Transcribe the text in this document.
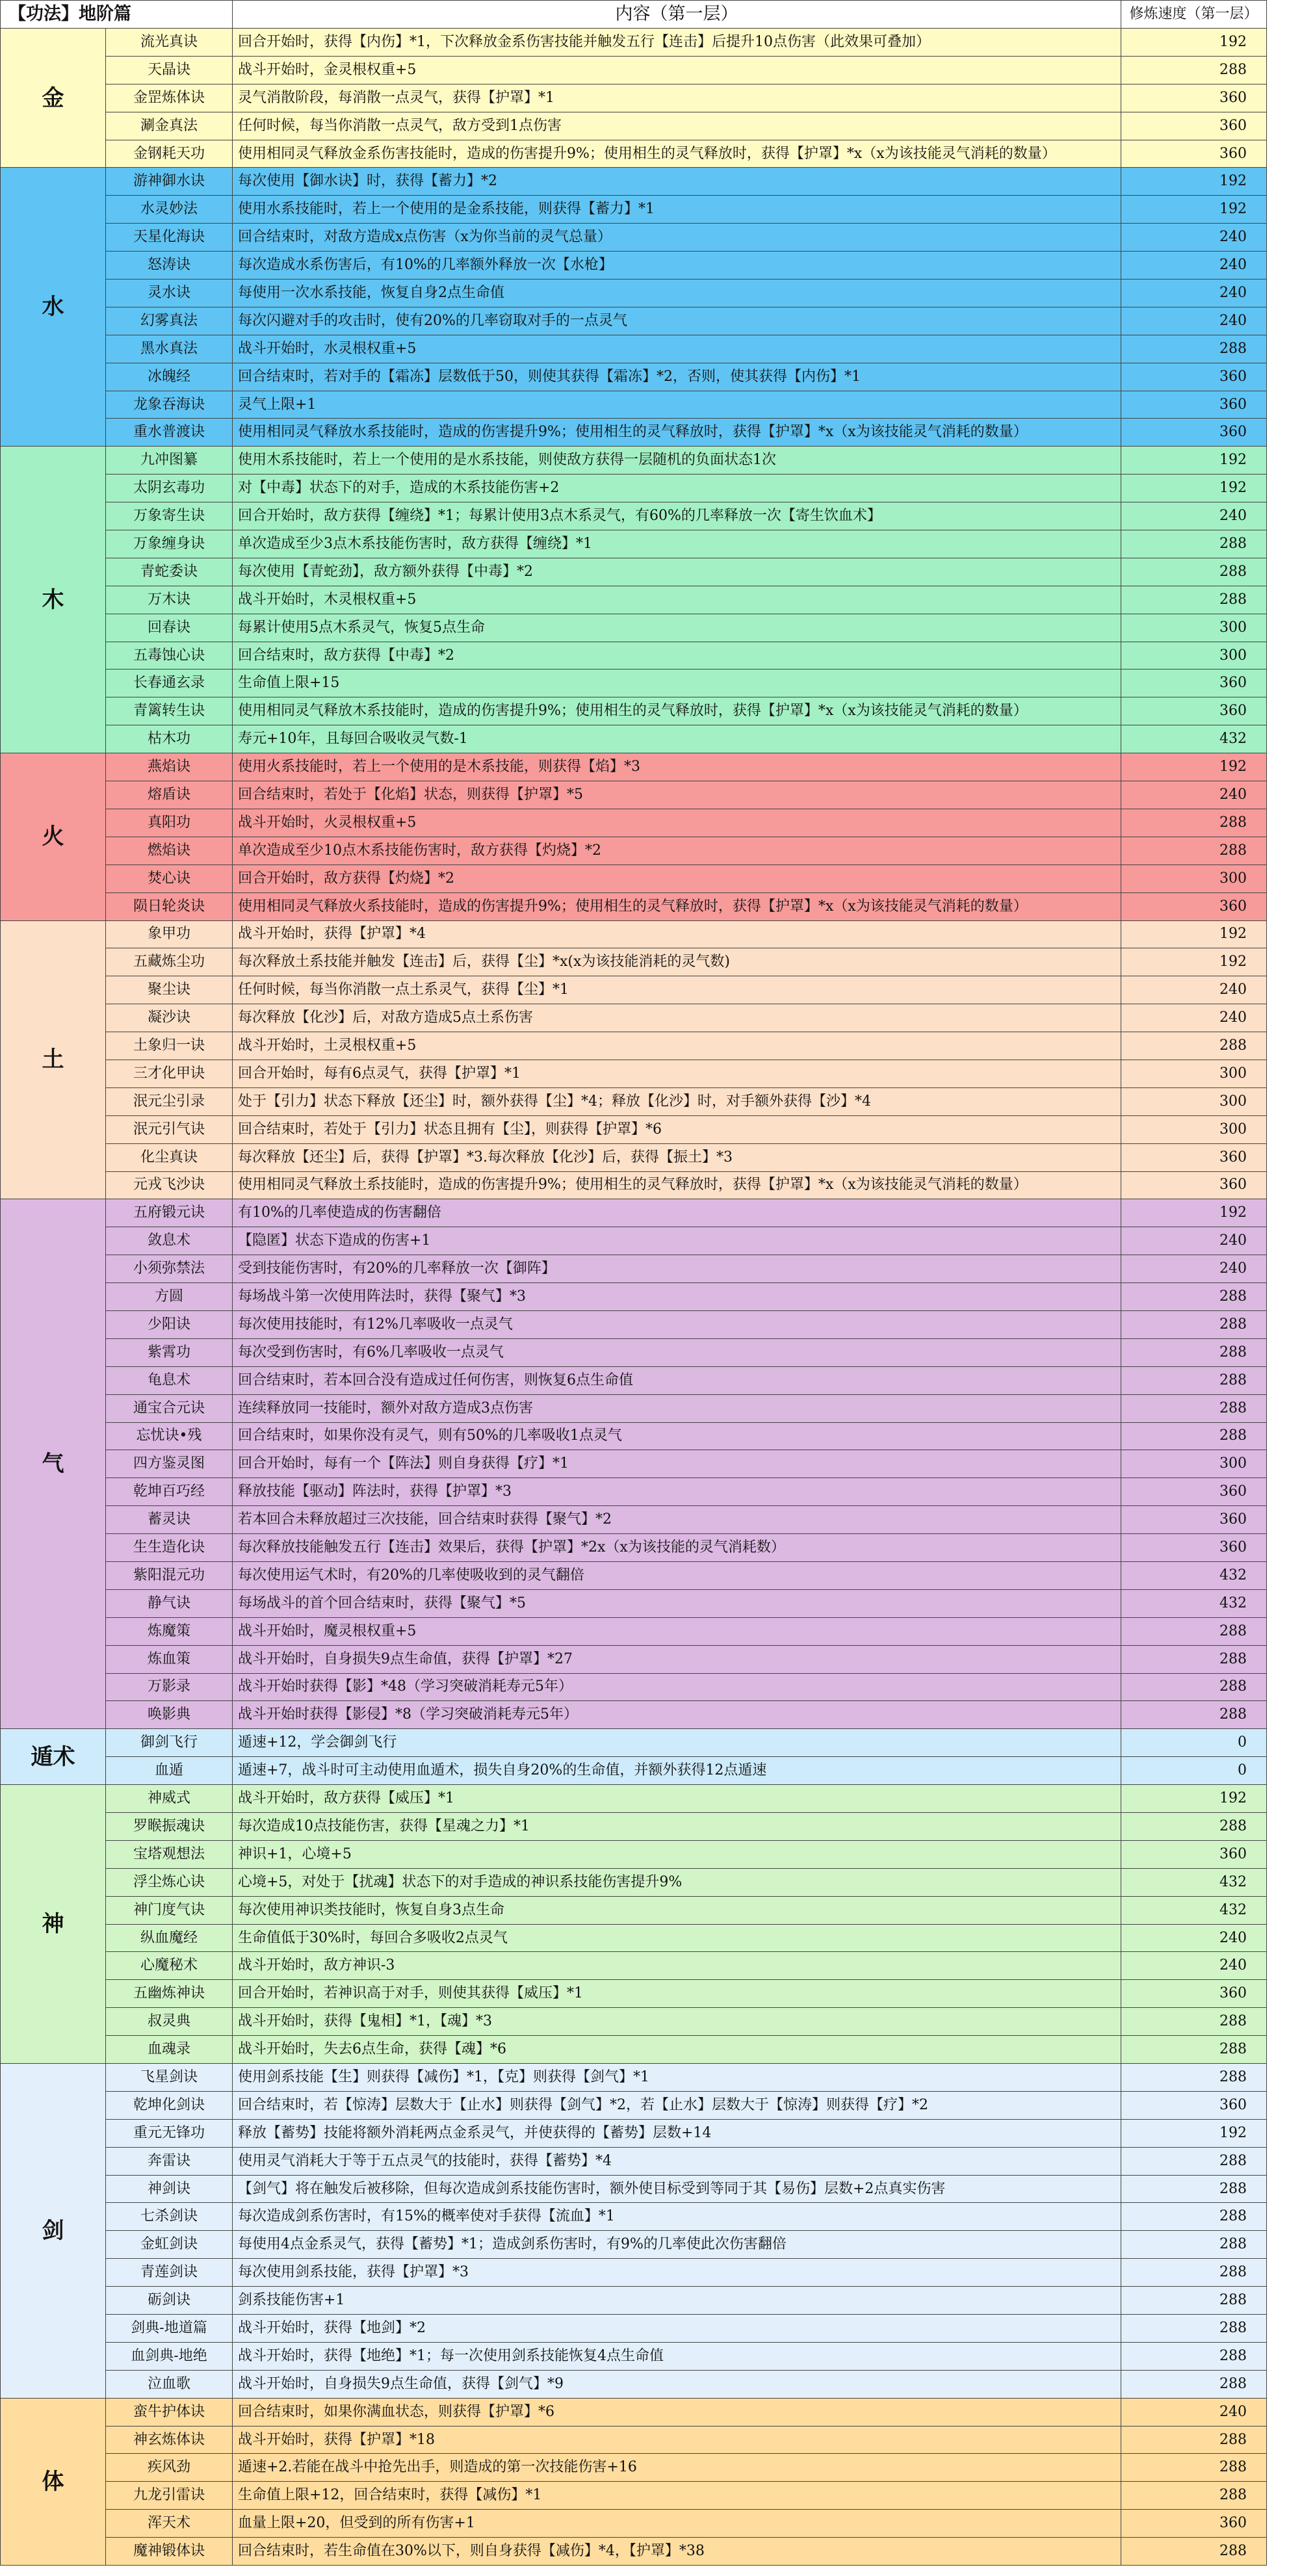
【功法】地阶篇		内容（第一层）	修炼速度（第一层）
金	流光真诀	回合开始时，获得【内伤】*1，下次释放金系伤害技能并触发五行【连击】后提升10点伤害（此效果可叠加）	192
	天晶诀	战斗开始时，金灵根权重+5	288
	金罡炼体诀	灵气消散阶段，每消散一点灵气，获得【护罩】*1	360
	涮金真法	任何时候，每当你消散一点灵气，敌方受到1点伤害	360
	金钢耗天功	使用相同灵气释放金系伤害技能时，造成的伤害提升9%；使用相生的灵气释放时，获得【护罩】*x（x为该技能灵气消耗的数量）	360
水	游神御水诀	每次使用【御水诀】时，获得【蓄力】*2	192
	水灵妙法	使用水系技能时，若上一个使用的是金系技能，则获得【蓄力】*1	192
	天星化海诀	回合结束时，对敌方造成x点伤害（x为你当前的灵气总量）	240
	怒涛诀	每次造成水系伤害后，有10%的几率额外释放一次【水枪】	240
	灵水诀	每使用一次水系技能，恢复自身2点生命值	240
	幻雾真法	每次闪避对手的攻击时，使有20%的几率窃取对手的一点灵气	240
	黑水真法	战斗开始时，水灵根权重+5	288
	冰魄经	回合结束时，若对手的【霜冻】层数低于50，则使其获得【霜冻】*2，否则，使其获得【内伤】*1	360
	龙象吞海诀	灵气上限+1	360
	重水普渡诀	使用相同灵气释放水系技能时，造成的伤害提升9%；使用相生的灵气释放时，获得【护罩】*x（x为该技能灵气消耗的数量）	360
木	九冲图纂	使用木系技能时，若上一个使用的是水系技能，则使敌方获得一层随机的负面状态1次	192
	太阴玄毒功	对【中毒】状态下的对手，造成的木系技能伤害+2	192
	万象寄生诀	回合开始时，敌方获得【缠绕】*1；每累计使用3点木系灵气，有60%的几率释放一次【寄生饮血术】	240
	万象缠身诀	单次造成至少3点木系技能伤害时，敌方获得【缠绕】*1	288
	青蛇委诀	每次使用【青蛇劲】，敌方额外获得【中毒】*2	288
	万木诀	战斗开始时，木灵根权重+5	288
	回春诀	每累计使用5点木系灵气，恢复5点生命	300
	五毒蚀心诀	回合结束时，敌方获得【中毒】*2	300
	长春通玄录	生命值上限+15	360
	青篱转生诀	使用相同灵气释放木系技能时，造成的伤害提升9%；使用相生的灵气释放时，获得【护罩】*x（x为该技能灵气消耗的数量）	360
	枯木功	寿元+10年，且每回合吸收灵气数-1	432
火	燕焰诀	使用火系技能时，若上一个使用的是木系技能，则获得【焰】*3	192
	熔盾诀	回合结束时，若处于【化焰】状态，则获得【护罩】*5	240
	真阳功	战斗开始时，火灵根权重+5	288
	燃焰诀	单次造成至少10点木系技能伤害时，敌方获得【灼烧】*2	288
	焚心诀	回合开始时，敌方获得【灼烧】*2	300
	陨日轮炎诀	使用相同灵气释放火系技能时，造成的伤害提升9%；使用相生的灵气释放时，获得【护罩】*x（x为该技能灵气消耗的数量）	360
土	象甲功	战斗开始时，获得【护罩】*4	192
	五藏炼尘功	每次释放土系技能并触发【连击】后，获得【尘】*x(x为该技能消耗的灵气数)	192
	聚尘诀	任何时候，每当你消散一点土系灵气，获得【尘】*1	240
	凝沙诀	每次释放【化沙】后，对敌方造成5点土系伤害	240
	土象归一诀	战斗开始时，土灵根权重+5	288
	三才化甲诀	回合开始时，每有6点灵气，获得【护罩】*1	300
	泯元尘引录	处于【引力】状态下释放【还尘】时，额外获得【尘】*4；释放【化沙】时，对手额外获得【沙】*4	300
	泯元引气诀	回合结束时，若处于【引力】状态且拥有【尘】，则获得【护罩】*6	300
	化尘真诀	每次释放【还尘】后，获得【护罩】*3.每次释放【化沙】后，获得【振土】*3	360
	元戎飞沙诀	使用相同灵气释放土系技能时，造成的伤害提升9%；使用相生的灵气释放时，获得【护罩】*x（x为该技能灵气消耗的数量）	360
气	五府锻元诀	有10%的几率使造成的伤害翻倍	192
	敛息术	【隐匿】状态下造成的伤害+1	240
	小须弥禁法	受到技能伤害时，有20%的几率释放一次【御阵】	240
	方圆	每场战斗第一次使用阵法时，获得【聚气】*3	288
	少阳诀	每次使用技能时，有12%几率吸收一点灵气	288
	紫霄功	每次受到伤害时，有6%几率吸收一点灵气	288
	龟息术	回合结束时，若本回合没有造成过任何伤害，则恢复6点生命值	288
	通宝合元诀	连续释放同一技能时，额外对敌方造成3点伤害	288
	忘忧诀•残	回合结束时，如果你没有灵气，则有50%的几率吸收1点灵气	288
	四方鉴灵图	回合开始时，每有一个【阵法】则自身获得【疗】*1	300
	乾坤百巧经	释放技能【驱动】阵法时，获得【护罩】*3	360
	蓄灵诀	若本回合未释放超过三次技能，回合结束时获得【聚气】*2	360
	生生造化诀	每次释放技能触发五行【连击】效果后，获得【护罩】*2x（x为该技能的灵气消耗数）	360
	紫阳混元功	每次使用运气术时，有20%的几率使吸收到的灵气翻倍	432
	静气诀	每场战斗的首个回合结束时，获得【聚气】*5	432
	炼魔策	战斗开始时，魔灵根权重+5	288
	炼血策	战斗开始时，自身损失9点生命值，获得【护罩】*27	288
	万影录	战斗开始时获得【影】*48（学习突破消耗寿元5年）	288
	唤影典	战斗开始时获得【影侵】*8（学习突破消耗寿元5年）	288
遁术	御剑飞行	遁速+12，学会御剑飞行	0
	血遁	遁速+7，战斗时可主动使用血遁术，损失自身20%的生命值，并额外获得12点遁速	0
神	神威式	战斗开始时，敌方获得【威压】*1	192
	罗睺振魂诀	每次造成10点技能伤害，获得【星魂之力】*1	288
	宝塔观想法	神识+1，心境+5	360
	浮尘炼心诀	心境+5，对处于【扰魂】状态下的对手造成的神识系技能伤害提升9%	432
	神门度气诀	每次使用神识类技能时，恢复自身3点生命	432
	纵血魔经	生命值低于30%时，每回合多吸收2点灵气	240
	心魔秘术	战斗开始时，敌方神识-3	240
	五幽炼神诀	回合开始时，若神识高于对手，则使其获得【威压】*1	360
	叔灵典	战斗开始时，获得【鬼相】*1，【魂】*3	288
	血魂录	战斗开始时，失去6点生命，获得【魂】*6	288
剑	飞星剑诀	使用剑系技能【生】则获得【减伤】*1，【克】则获得【剑气】*1	288
	乾坤化剑诀	回合结束时，若【惊涛】层数大于【止水】则获得【剑气】*2，若【止水】层数大于【惊涛】则获得【疗】*2	360
	重元无锋功	释放【蓄势】技能将额外消耗两点金系灵气，并使获得的【蓄势】层数+14	192
	奔雷诀	使用灵气消耗大于等于五点灵气的技能时，获得【蓄势】*4	288
	神剑诀	【剑气】将在触发后被移除，但每次造成剑系技能伤害时，额外使目标受到等同于其【易伤】层数+2点真实伤害	288
	七杀剑诀	每次造成剑系伤害时，有15%的概率使对手获得【流血】*1	288
	金虹剑诀	每使用4点金系灵气，获得【蓄势】*1；造成剑系伤害时，有9%的几率使此次伤害翻倍	288
	青莲剑诀	每次使用剑系技能，获得【护罩】*3	288
	砺剑诀	剑系技能伤害+1	288
	剑典-地道篇	战斗开始时，获得【地剑】*2	288
	血剑典-地绝	战斗开始时，获得【地绝】*1；每一次使用剑系技能恢复4点生命值	288
	泣血歌	战斗开始时，自身损失9点生命值，获得【剑气】*9	288
体	蛮牛护体诀	回合结束时，如果你满血状态，则获得【护罩】*6	240
	神玄炼体诀	战斗开始时，获得【护罩】*18	288
	疾风劲	遁速+2.若能在战斗中抢先出手，则造成的第一次技能伤害+16	288
	九龙引雷诀	生命值上限+12，回合结束时，获得【减伤】*1	288
	浑天术	血量上限+20，但受到的所有伤害+1	360
	魔神锻体诀	回合结束时，若生命值在30%以下，则自身获得【减伤】*4，【护罩】*38	288
